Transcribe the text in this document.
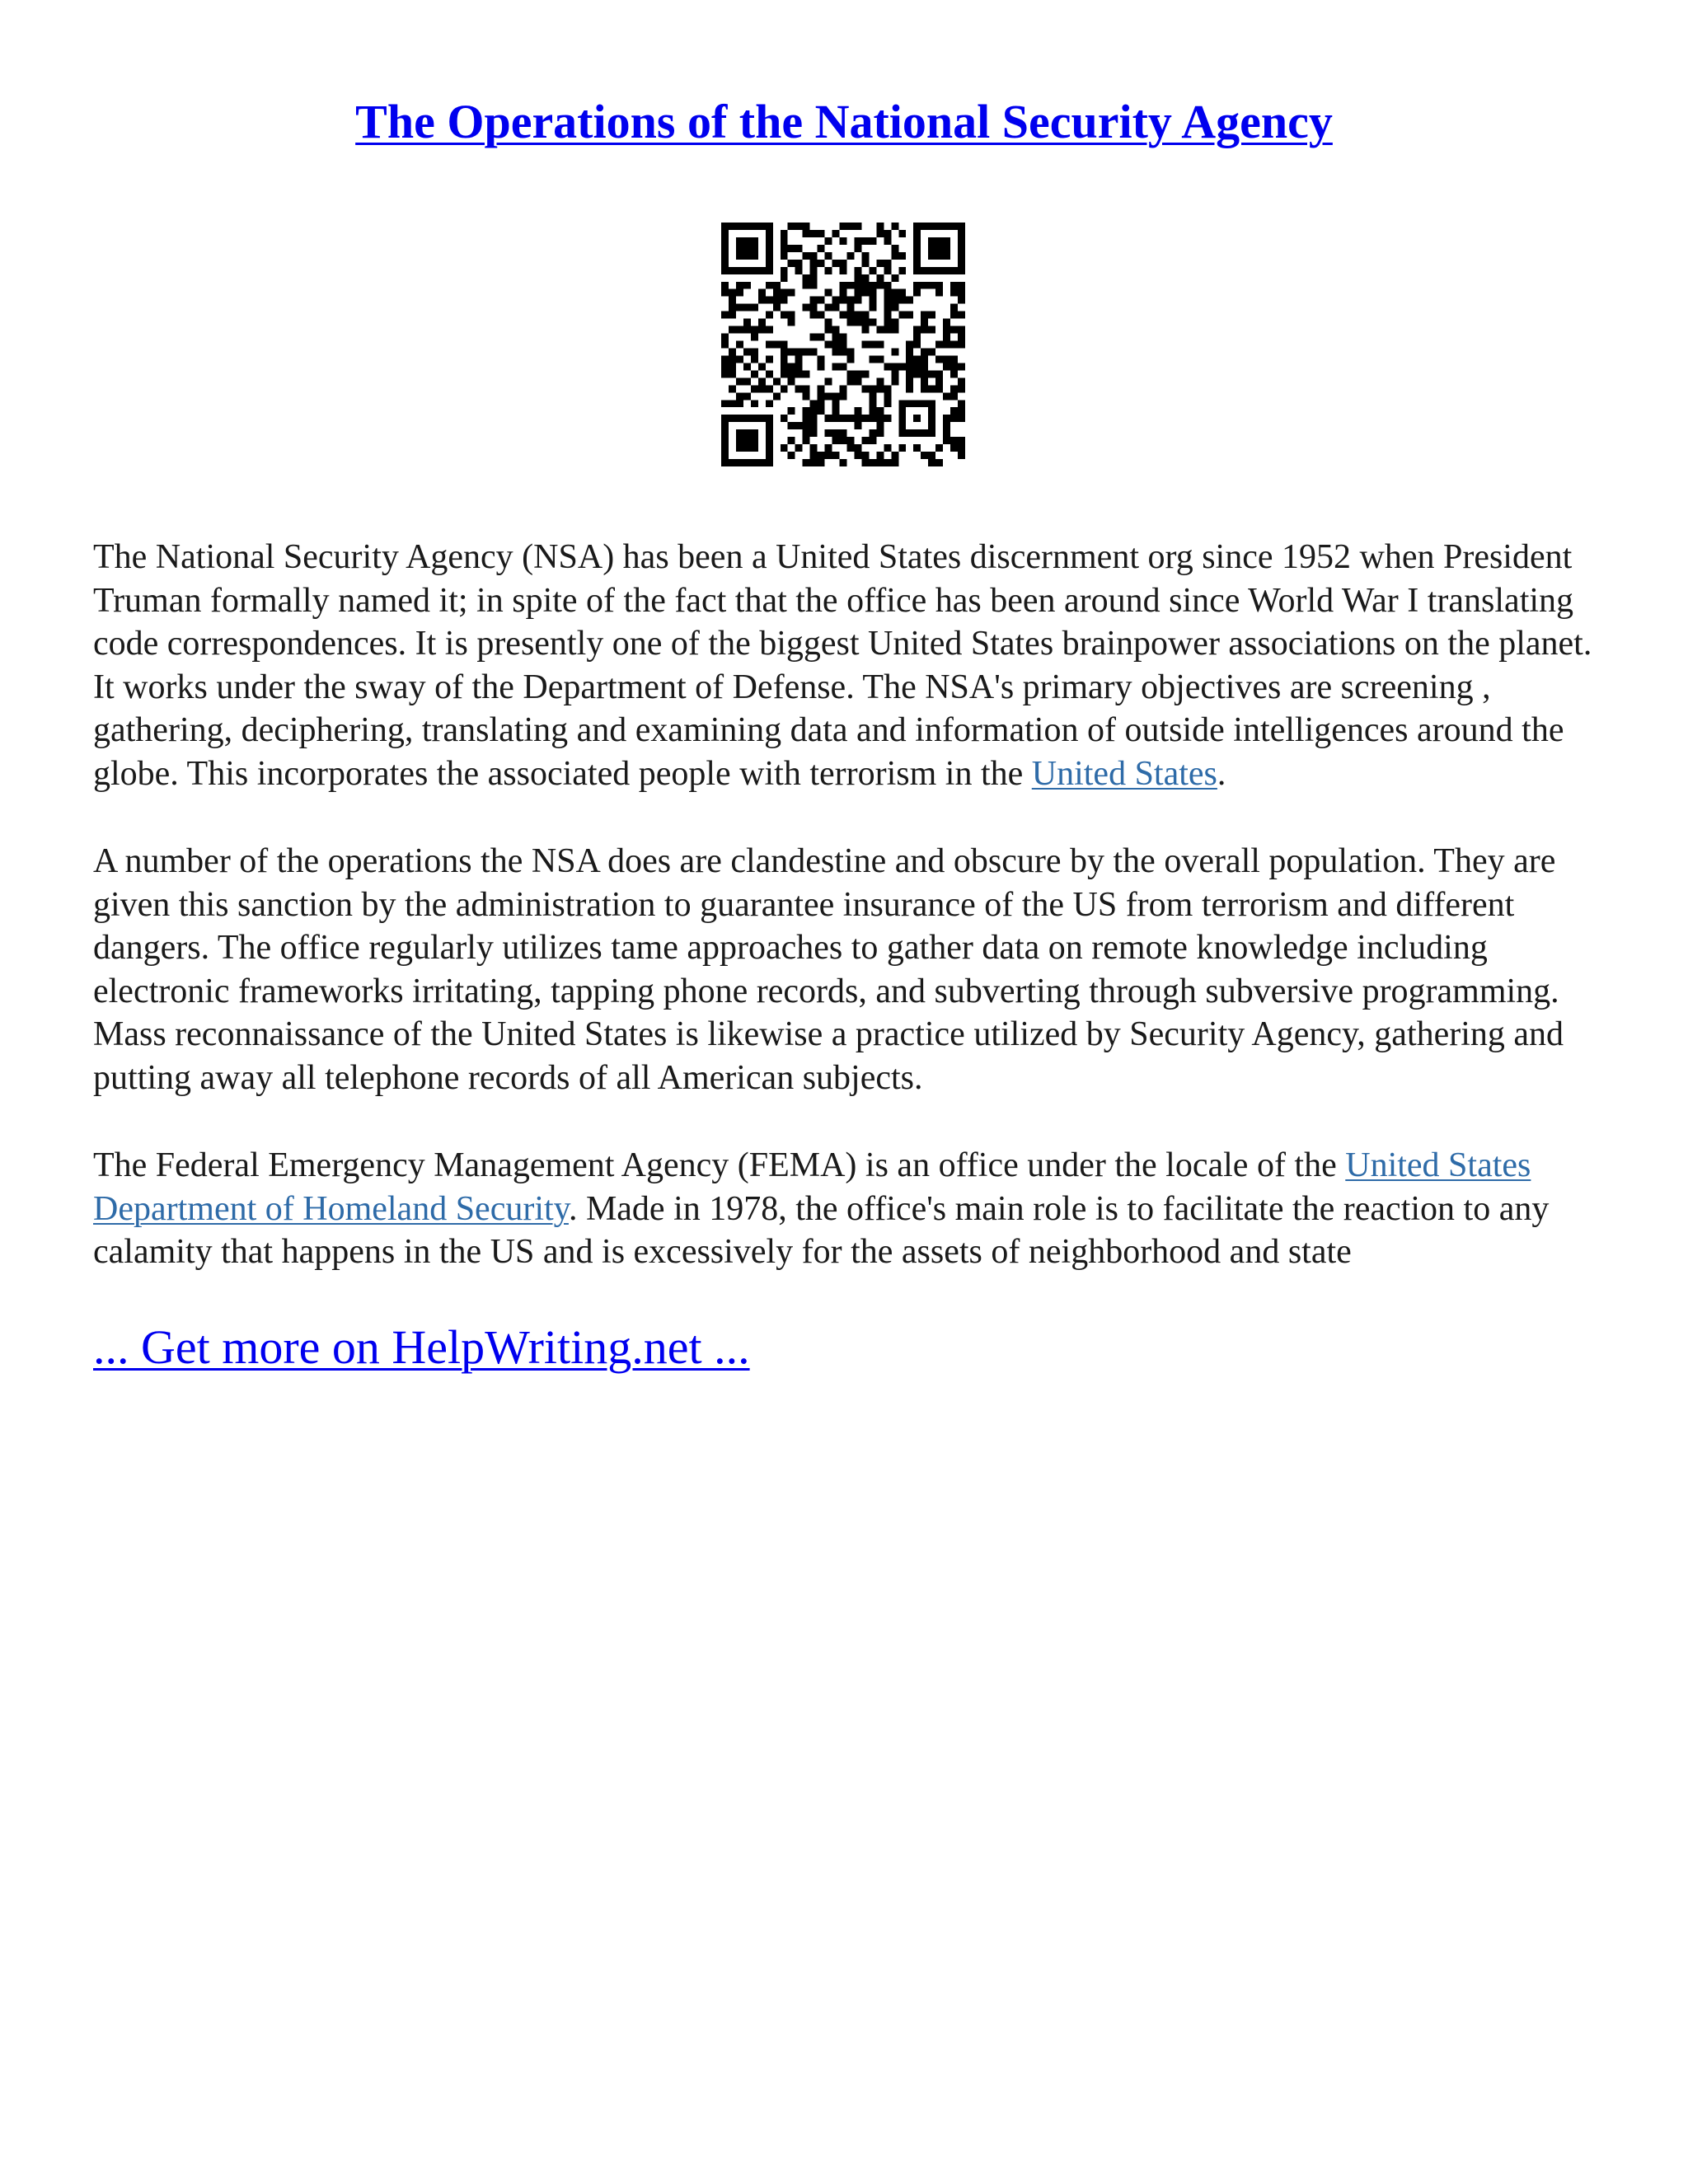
The Operations of the National Security Agency

The National Security Agency (NSA) has been a United States discernment org since 1952 when President Truman formally named it; in spite of the fact that the office has been around since World War I translating code correspondences. It is presently one of the biggest United States brainpower associations on the planet. It works under the sway of the Department of Defense. The NSA's primary objectives are screening , gathering, deciphering, translating and examining data and information of outside intelligences around the globe. This incorporates the associated people with terrorism in the United States.

A number of the operations the NSA does are clandestine and obscure by the overall population. They are given this sanction by the administration to guarantee insurance of the US from terrorism and different dangers. The office regularly utilizes tame approaches to gather data on remote knowledge including electronic frameworks irritating, tapping phone records, and subverting through subversive programming. Mass reconnaissance of the United States is likewise a practice utilized by Security Agency, gathering and putting away all telephone records of all American subjects.

The Federal Emergency Management Agency (FEMA) is an office under the locale of the United States Department of Homeland Security. Made in 1978, the office's main role is to facilitate the reaction to any calamity that happens in the US and is excessively for the assets of neighborhood and state

... Get more on HelpWriting.net ...
